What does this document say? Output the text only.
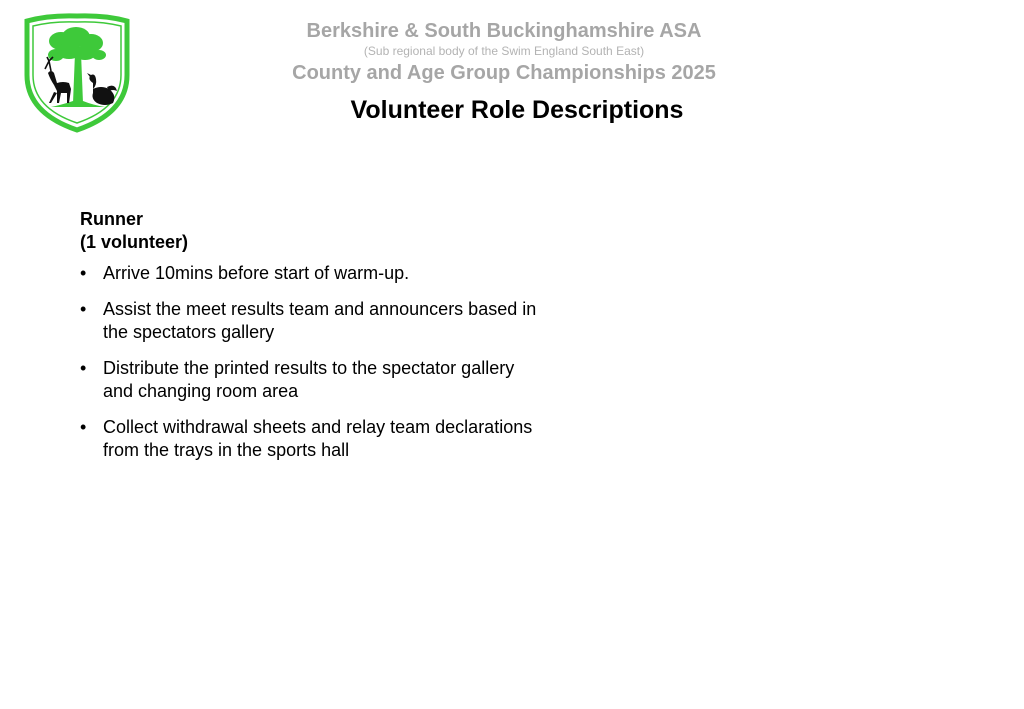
Berkshire & South Buckinghamshire ASA
(Sub regional body of the Swim England South East)
County and Age Group Championships 2025
Volunteer Role Descriptions
Runner
(1 volunteer)
• Arrive 10mins before start of warm-up.
• Assist the meet results team and announcers based in the spectators gallery
• Distribute the printed results to the spectator gallery and changing room area
• Collect withdrawal sheets and relay team declarations from the trays in the sports hall
